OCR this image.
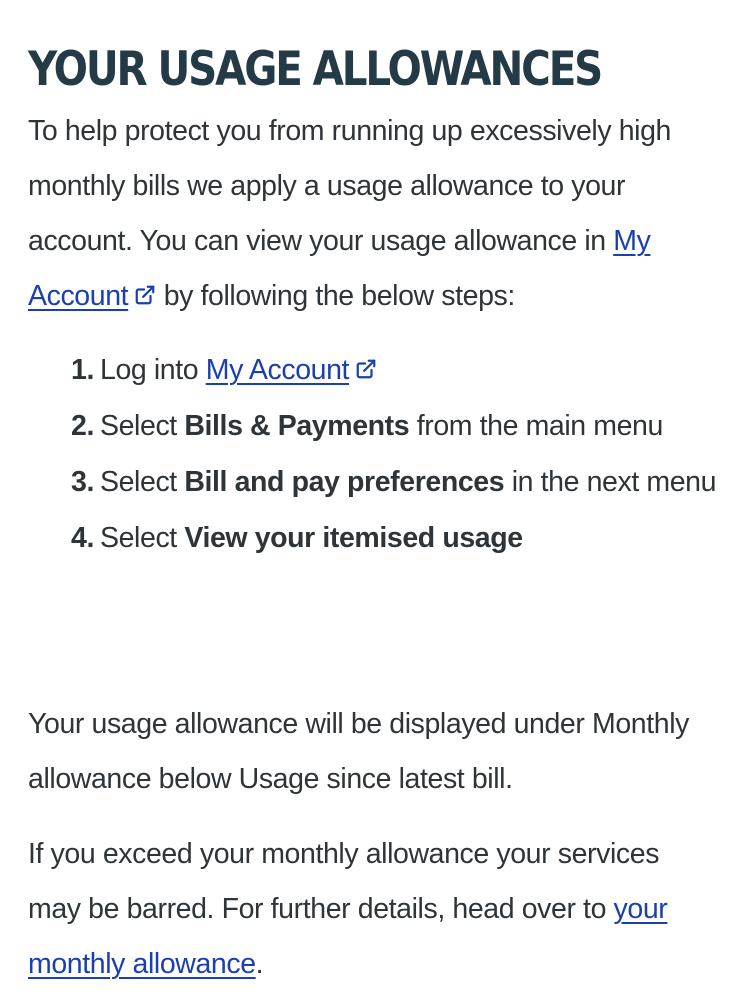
YOUR USAGE ALLOWANCES

To help protect you from running up excessively high monthly bills we apply a usage allowance to your account. You can view your usage allowance in My Account by following the below steps:

1. Log into My Account
2. Select Bills & Payments from the main menu
3. Select Bill and pay preferences in the next menu
4. Select View your itemised usage

Your usage allowance will be displayed under Monthly allowance below Usage since latest bill.

If you exceed your monthly allowance your services may be barred. For further details, head over to your monthly allowance.
